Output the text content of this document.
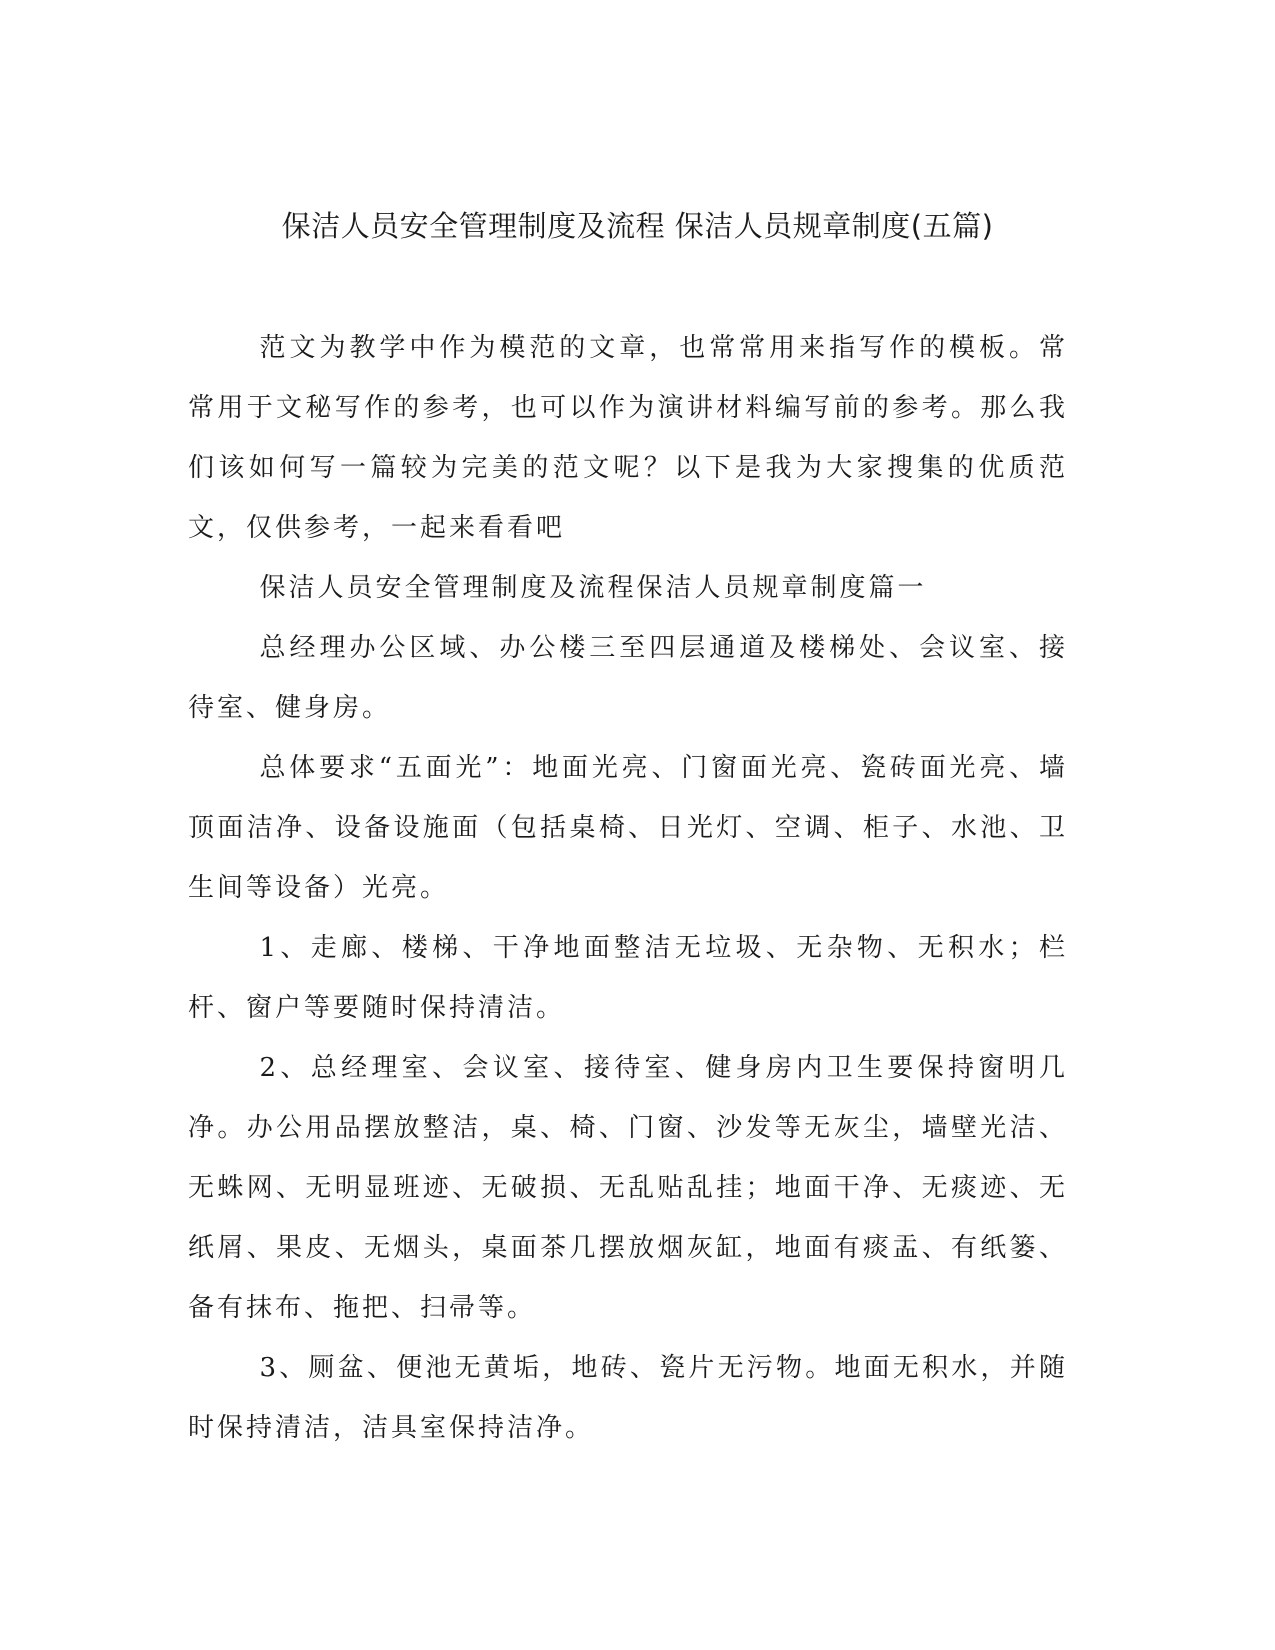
保洁人员安全管理制度及流程 保洁人员规章制度(五篇)

范文为教学中作为模范的文章，也常常用来指写作的模板。常常用于文秘写作的参考，也可以作为演讲材料编写前的参考。那么我们该如何写一篇较为完美的范文呢？以下是我为大家搜集的优质范文，仅供参考，一起来看看吧

保洁人员安全管理制度及流程保洁人员规章制度篇一

总经理办公区域、办公楼三至四层通道及楼梯处、会议室、接待室、健身房。

总体要求“五面光”：地面光亮、门窗面光亮、瓷砖面光亮、墙顶面洁净、设备设施面（包括桌椅、日光灯、空调、柜子、水池、卫生间等设备）光亮。

1、走廊、楼梯、干净地面整洁无垃圾、无杂物、无积水；栏杆、窗户等要随时保持清洁。

2、总经理室、会议室、接待室、健身房内卫生要保持窗明几净。办公用品摆放整洁，桌、椅、门窗、沙发等无灰尘，墙壁光洁、无蛛网、无明显班迹、无破损、无乱贴乱挂；地面干净、无痰迹、无纸屑、果皮、无烟头，桌面茶几摆放烟灰缸，地面有痰盂、有纸篓、备有抹布、拖把、扫帚等。

3、厕盆、便池无黄垢，地砖、瓷片无污物。地面无积水，并随时保持清洁，洁具室保持洁净。
